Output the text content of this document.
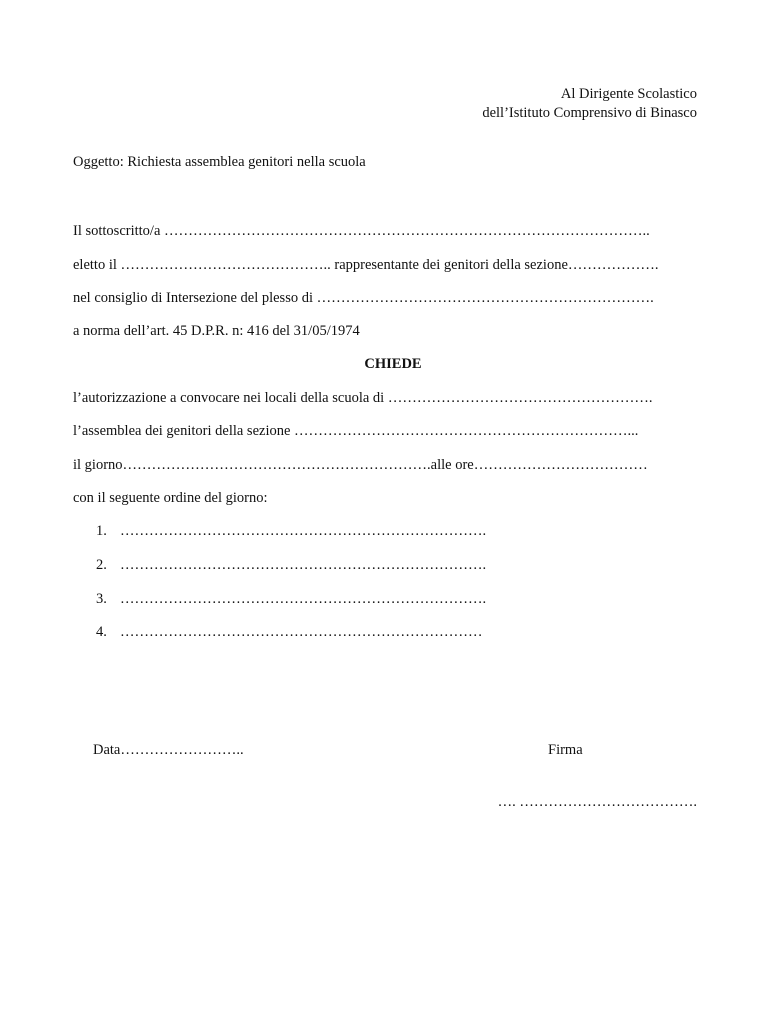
Al Dirigente Scolastico
dell’Istituto Comprensivo di Binasco
Oggetto: Richiesta assemblea genitori nella scuola
Il sottoscritto/a ………………………………………………………………………………………..
eletto il …………………………………….. rappresentante dei genitori della sezione……………….
nel consiglio di Intersezione del plesso di …………………………………………………………….
a norma dell’art. 45 D.P.R. n: 416 del 31/05/1974
CHIEDE
l’autorizzazione a convocare nei locali della scuola di ……………………………………………….
l’assemblea dei genitori della sezione ……………………………………………………………...
il giorno……………………………………………………….alle ore………………………………
con il seguente ordine del giorno:
1. ………………………………………………………………….
2. ………………………………………………………………….
3. ………………………………………………………………….
4. …………………………………………………………………
Data……………………..	Firma
…. ……………………………….
